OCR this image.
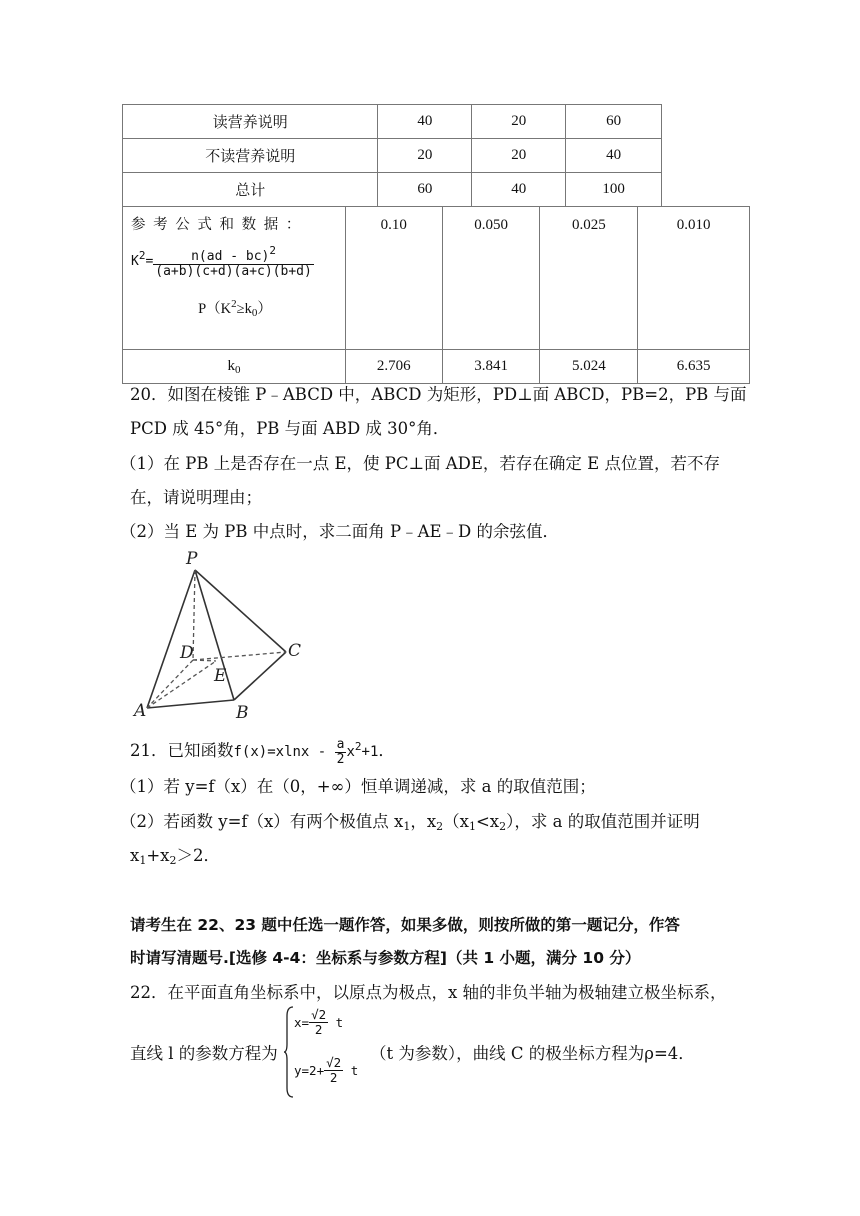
读营养说明	40	20	60
不读营养说明	20	20	40
总计	60	40	100
参 考 公 式 和 数 据 ：
$K^2= \frac{n(ad - bc)^2}{(a+b)(c+d)(a+c)(b+d)}$
$P(K^2\ge k_0)$	0.10	0.050	0.025	0.010
$k_0$	2.706	3.841	5.024	6.635
20．如图在棱锥 P﹣ABCD 中，ABCD 为矩形，PD⊥面 ABCD，PB=2，PB 与面
PCD 成 45°角，PB 与面 ABD 成 30°角．
（1）在 PB 上是否存在一点 E，使 PC⊥面 ADE，若存在确定 E 点位置，若不存
在，请说明理由；
（2）当 E 为 PB 中点时，求二面角 P﹣AE﹣D 的余弦值．
P
D	C
E
A	B
21．已知函数$f(x)=xlnx - \frac{a}{2} x^2+1$．
（1）若 y=f（x）在（0，+∞）恒单调递减，求 a 的取值范围；
（2）若函数 y=f（x）有两个极值点 x1，x2（x1<x2），求 a 的取值范围并证明
x1+x2＞2．
请考生在 22、23 题中任选一题作答，如果多做，则按所做的第一题记分，作答
时请写清题号.[选修 4-4：坐标系与参数方程]（共 1 小题，满分 10 分）
22．在平面直角坐标系中，以原点为极点，x 轴的非负半轴为极轴建立极坐标系，
直线 l 的参数方程为
$x= \frac{√2}{2}$ t
$y=2+ \frac{√2}{2}$ t
（t 为参数），曲线 C 的极坐标方程为ρ=4．
